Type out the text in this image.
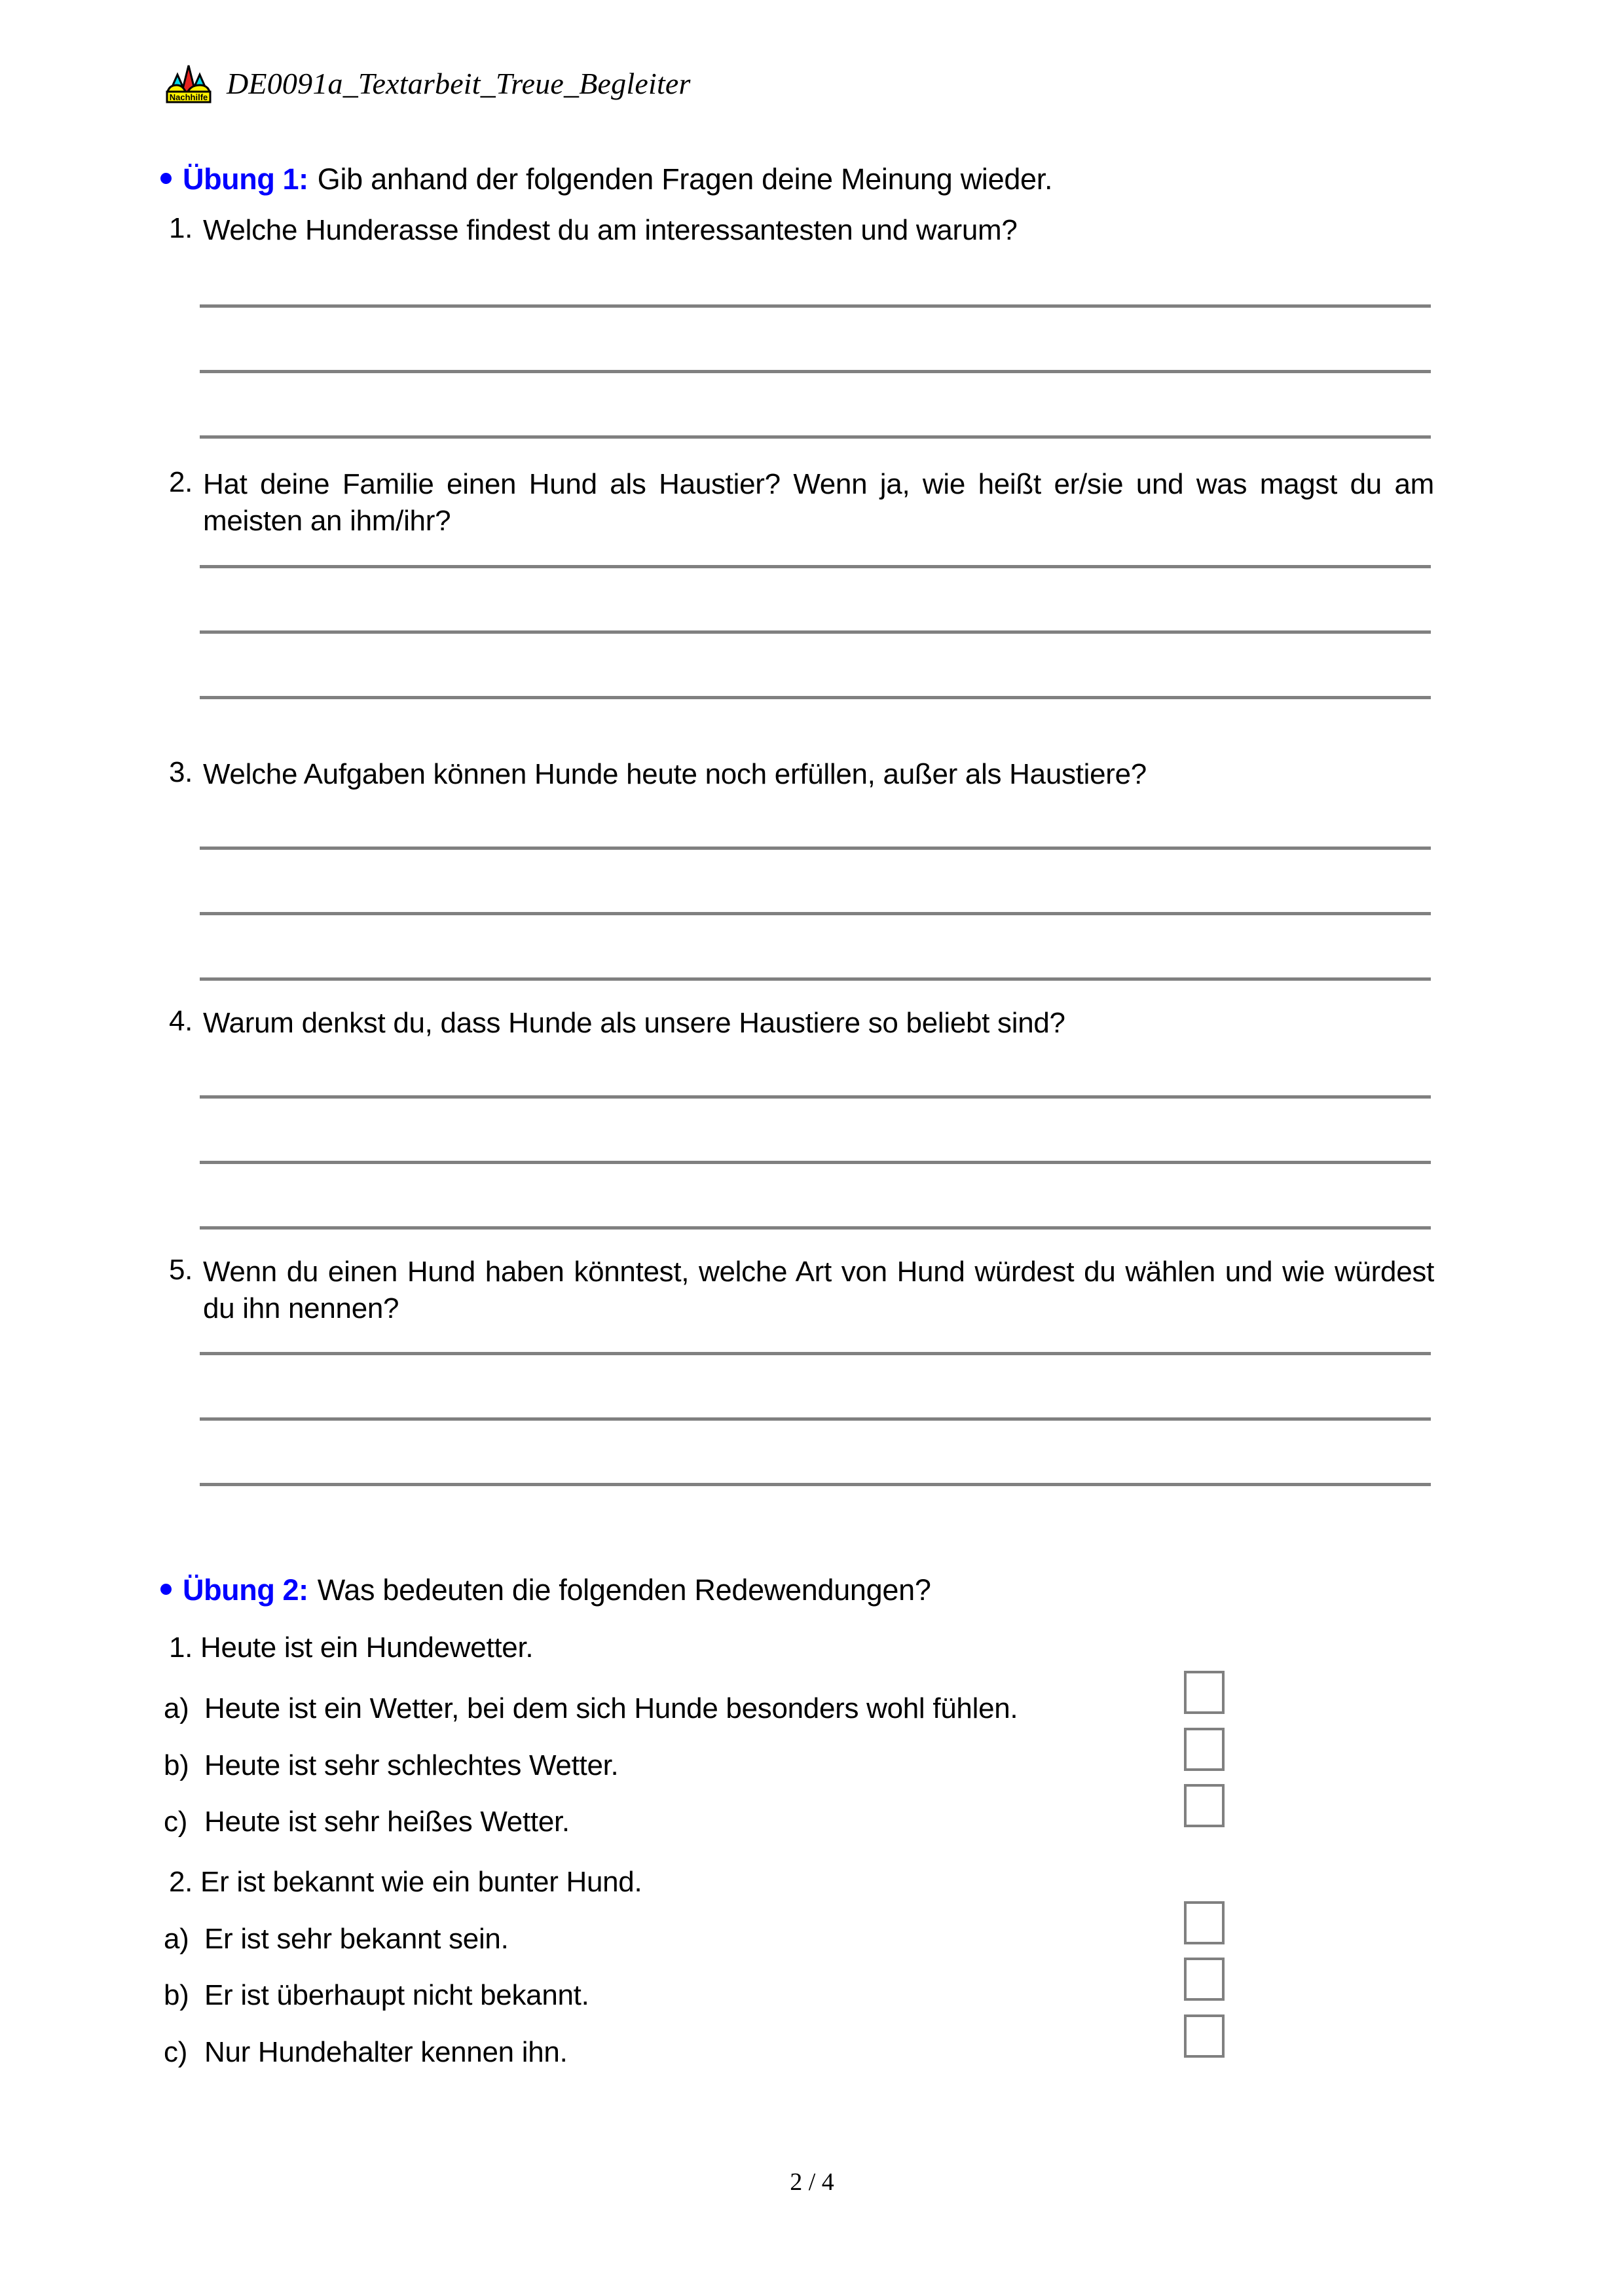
Nachhilfe DE0091a_Textarbeit_Treue_Begleiter
Übung 1: Gib anhand der folgenden Fragen deine Meinung wieder.
1. Welche Hunderasse findest du am interessantesten und warum?
2. Hat deine Familie einen Hund als Haustier? Wenn ja, wie heißt er/sie und was magst du am meisten an ihm/ihr?
3. Welche Aufgaben können Hunde heute noch erfüllen, außer als Haustiere?
4. Warum denkst du, dass Hunde als unsere Haustiere so beliebt sind?
5. Wenn du einen Hund haben könntest, welche Art von Hund würdest du wählen und wie würdest du ihn nennen?
Übung 2: Was bedeuten die folgenden Redewendungen?
1. Heute ist ein Hundewetter.
a) Heute ist ein Wetter, bei dem sich Hunde besonders wohl fühlen.
b) Heute ist sehr schlechtes Wetter.
c) Heute ist sehr heißes Wetter.
2. Er ist bekannt wie ein bunter Hund.
a) Er ist sehr bekannt sein.
b) Er ist überhaupt nicht bekannt.
c) Nur Hundehalter kennen ihn.
2 / 4
